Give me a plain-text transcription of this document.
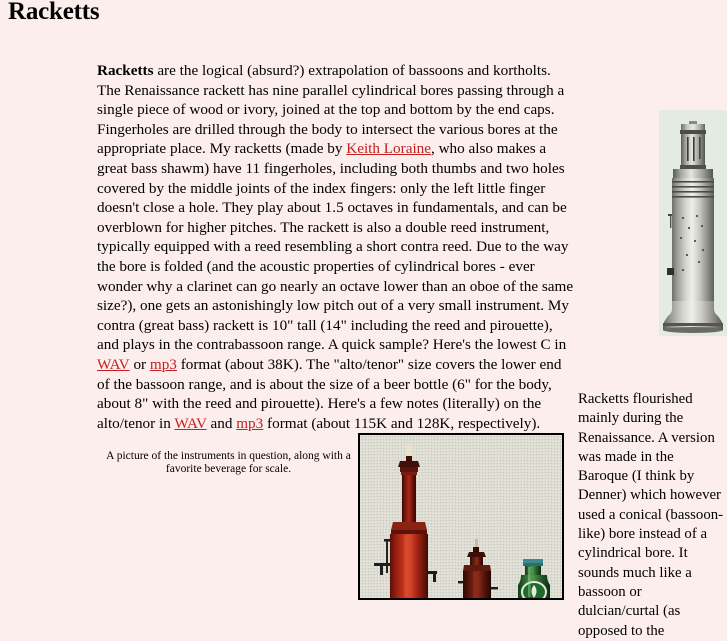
Racketts

Racketts are the logical (absurd?) extrapolation of bassoons and kortholts. The Renaissance rackett has nine parallel cylindrical bores passing through a single piece of wood or ivory, joined at the top and bottom by the end caps. Fingerholes are drilled through the body to intersect the various bores at the appropriate place. My racketts (made by Keith Loraine, who also makes a great bass shawm) have 11 fingerholes, including both thumbs and two holes covered by the middle joints of the index fingers: only the left little finger doesn't close a hole. They play about 1.5 octaves in fundamentals, and can be overblown for higher pitches. The rackett is also a double reed instrument, typically equipped with a reed resembling a short contra reed. Due to the way the bore is folded (and the acoustic properties of cylindrical bores - ever wonder why a clarinet can go nearly an octave lower than an oboe of the same size?), one gets an astonishingly low pitch out of a very small instrument. My contra (great bass) rackett is 10" tall (14" including the reed and pirouette), and plays in the contrabassoon range. A quick sample? Here's the lowest C in WAV or mp3 format (about 38K). The "alto/tenor" size covers the lower end of the bassoon range, and is about the size of a beer bottle (6" for the body, about 8" with the reed and pirouette). Here's a few notes (literally) on the alto/tenor in WAV and mp3 format (about 115K and 128K, respectively).

A picture of the instruments in question, along with a favorite beverage for scale.

Racketts flourished mainly during the Renaissance. A version was made in the Baroque (I think by Denner) which however used a conical (bassoon-like) bore instead of a cylindrical bore. It sounds much like a bassoon or dulcian/curtal (as opposed to the
